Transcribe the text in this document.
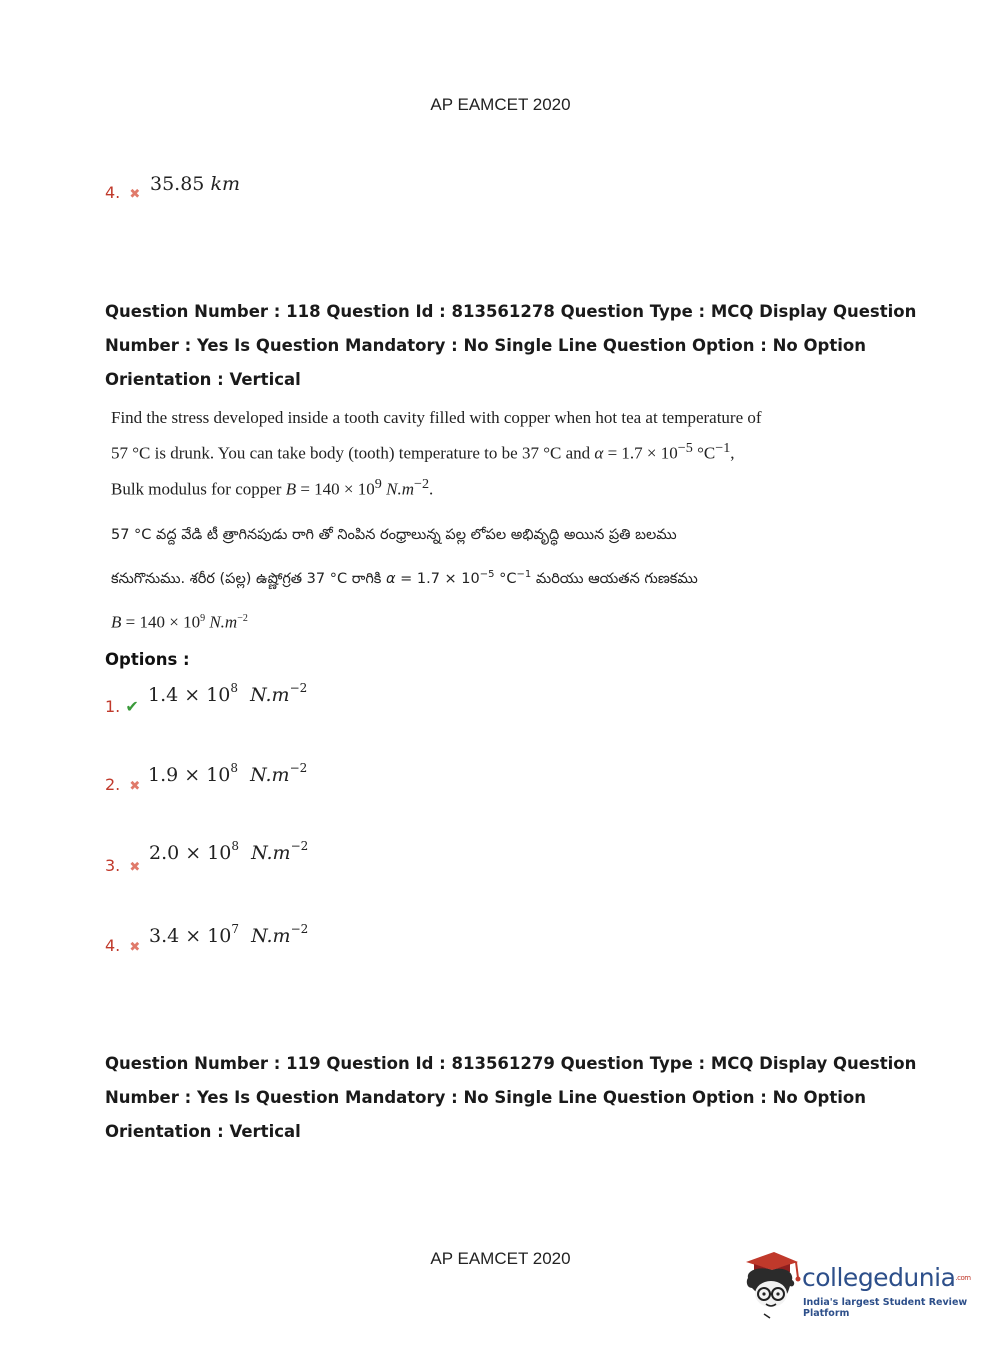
AP EAMCET 2020
4. ✖ 35.85 km
Question Number : 118 Question Id : 813561278 Question Type : MCQ Display Question
Number : Yes Is Question Mandatory : No Single Line Question Option : No Option
Orientation : Vertical
Find the stress developed inside a tooth cavity filled with copper when hot tea at temperature of
57 °C is drunk. You can take body (tooth) temperature to be 37 °C and $\alpha = 1.7 \times 10^{-5}$ $^\circ C^{-1}$,
Bulk modulus for copper $B = 140 \times 10^9$ $N.m^{-2}$.
57 °C వద్ద వేడి టీ త్రాగినపుడు రాగి తో నింపిన రంధ్రాలున్న పల్ల లోపల అభివృద్ధి అయిన ప్రతి బలము
కనుగొనుము. శరీర (పల్ల) ఉష్ణోగ్రత 37 °C రాగికి $\alpha = 1.7 \times 10^{-5}$ $^\circ C^{-1}$ మరియు ఆయతన గుణకము
$B = 140 \times 10^9$ $N.m^{-2}$
Options :
1. ✔
$1.4 \times 10^8$ $N.m^{-2}$
2. ✖
$1.9 \times 10^8$ $N.m^{-2}$
3. ✖
$2.0 \times 10^8$ $N.m^{-2}$
4. ✖
$3.4 \times 10^7$ $N.m^{-2}$
Question Number : 119 Question Id : 813561279 Question Type : MCQ Display Question
Number : Yes Is Question Mandatory : No Single Line Question Option : No Option
Orientation : Vertical
AP EAMCET 2020
collegedunia$^{.com}$
India's largest Student Review Platform
